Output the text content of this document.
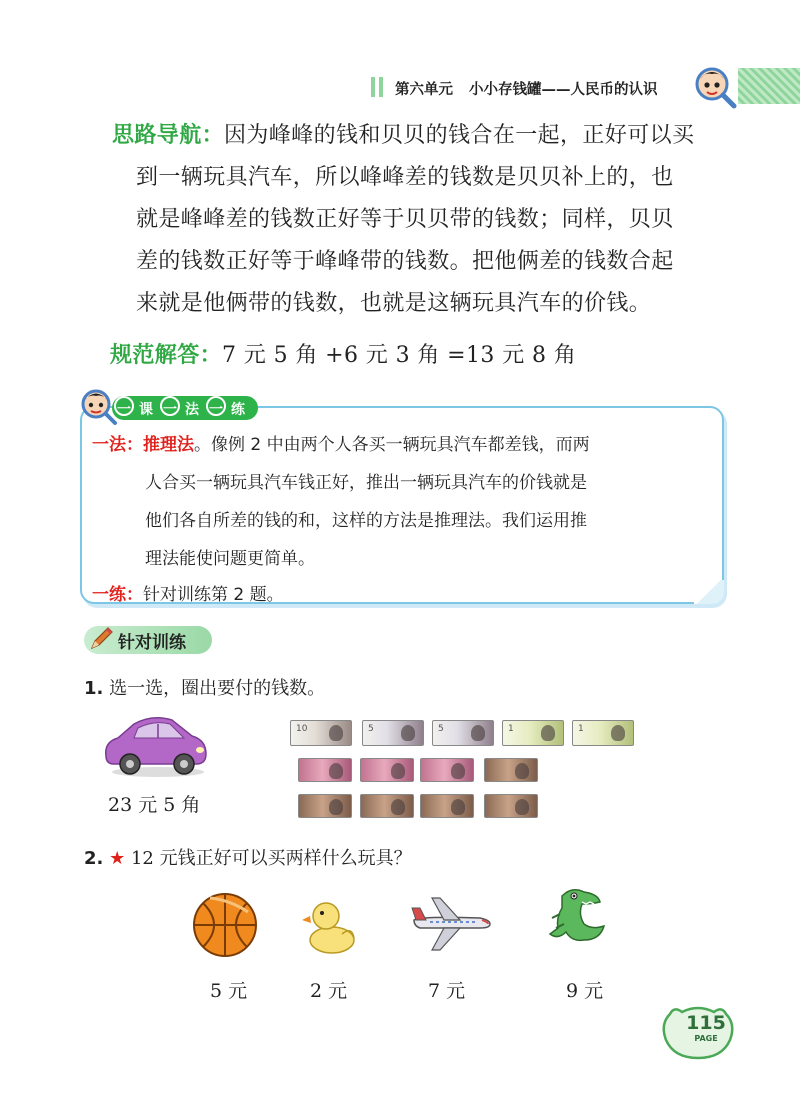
第六单元 小小存钱罐——人民币的认识
思路导航：因为峰峰的钱和贝贝的钱合在一起，正好可以买
到一辆玩具汽车，所以峰峰差的钱数是贝贝补上的，也
就是峰峰差的钱数正好等于贝贝带的钱数；同样，贝贝
差的钱数正好等于峰峰带的钱数。把他俩差的钱数合起
来就是他俩带的钱数，也就是这辆玩具汽车的价钱。
规范解答：7 元 5 角 +6 元 3 角 =13 元 8 角
一 课 一 法 一 练
一法：推理法。像例 2 中由两个人各买一辆玩具汽车都差钱，而两
人合买一辆玩具汽车钱正好，推出一辆玩具汽车的价钱就是
他们各自所差的钱的和，这样的方法是推理法。我们运用推
理法能使问题更简单。
一练：针对训练第 2 题。
针对训练
1. 选一选，圈出要付的钱数。
23 元 5 角
10	5	5	1	1
2. ★ 12 元钱正好可以买两样什么玩具？
5 元	2 元	7 元	9 元
115
PAGE
